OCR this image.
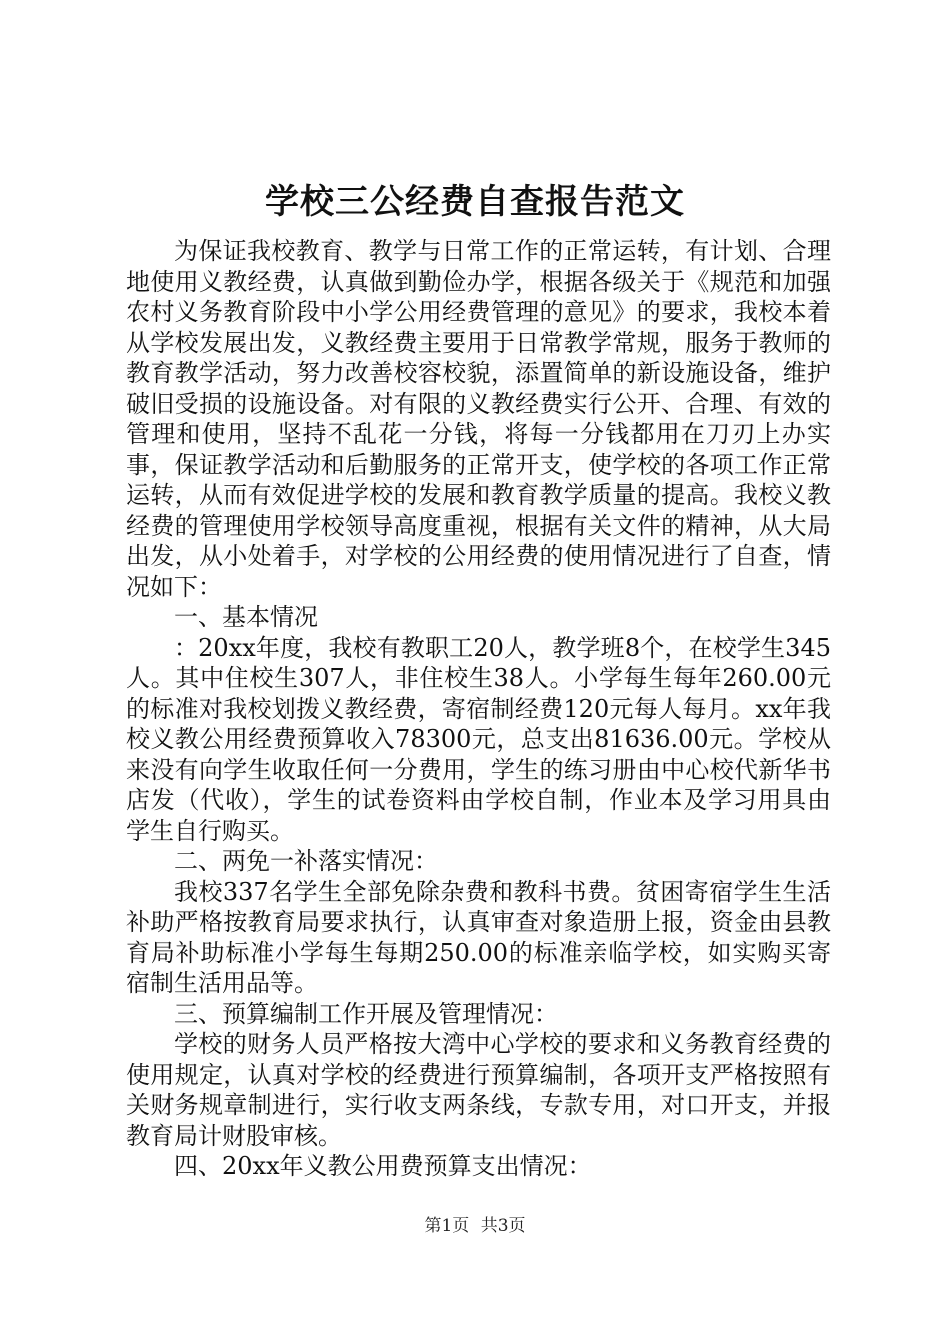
学校三公经费自查报告范文

为保证我校教育、教学与日常工作的正常运转，有计划、合理地使用义教经费，认真做到勤俭办学，根据各级关于《规范和加强农村义务教育阶段中小学公用经费管理的意见》的要求，我校本着从学校发展出发，义教经费主要用于日常教学常规，服务于教师的教育教学活动，努力改善校容校貌，添置简单的新设施设备，维护破旧受损的设施设备。对有限的义教经费实行公开、合理、有效的管理和使用，坚持不乱花一分钱，将每一分钱都用在刀刃上办实事，保证教学活动和后勤服务的正常开支，使学校的各项工作正常运转，从而有效促进学校的发展和教育教学质量的提高。我校义教经费的管理使用学校领导高度重视，根据有关文件的精神，从大局出发，从小处着手，对学校的公用经费的使用情况进行了自查，情况如下：

一、基本情况

：20xx年度，我校有教职工20人，教学班8个，在校学生345人。其中住校生307人，非住校生38人。小学每生每年260.00元的标准对我校划拨义教经费，寄宿制经费120元每人每月。xx年我校义教公用经费预算收入78300元，总支出81636.00元。学校从来没有向学生收取任何一分费用，学生的练习册由中心校代新华书店发（代收），学生的试卷资料由学校自制，作业本及学习用具由学生自行购买。

二、两免一补落实情况：

我校337名学生全部免除杂费和教科书费。贫困寄宿学生生活补助严格按教育局要求执行，认真审查对象造册上报，资金由县教育局补助标准小学每生每期250.00的标准亲临学校，如实购买寄宿制生活用品等。

三、预算编制工作开展及管理情况：

学校的财务人员严格按大湾中心学校的要求和义务教育经费的使用规定，认真对学校的经费进行预算编制，各项开支严格按照有关财务规章制进行，实行收支两条线，专款专用，对口开支，并报教育局计财股审核。

四、20xx年义教公用费预算支出情况：

第1页 共3页
